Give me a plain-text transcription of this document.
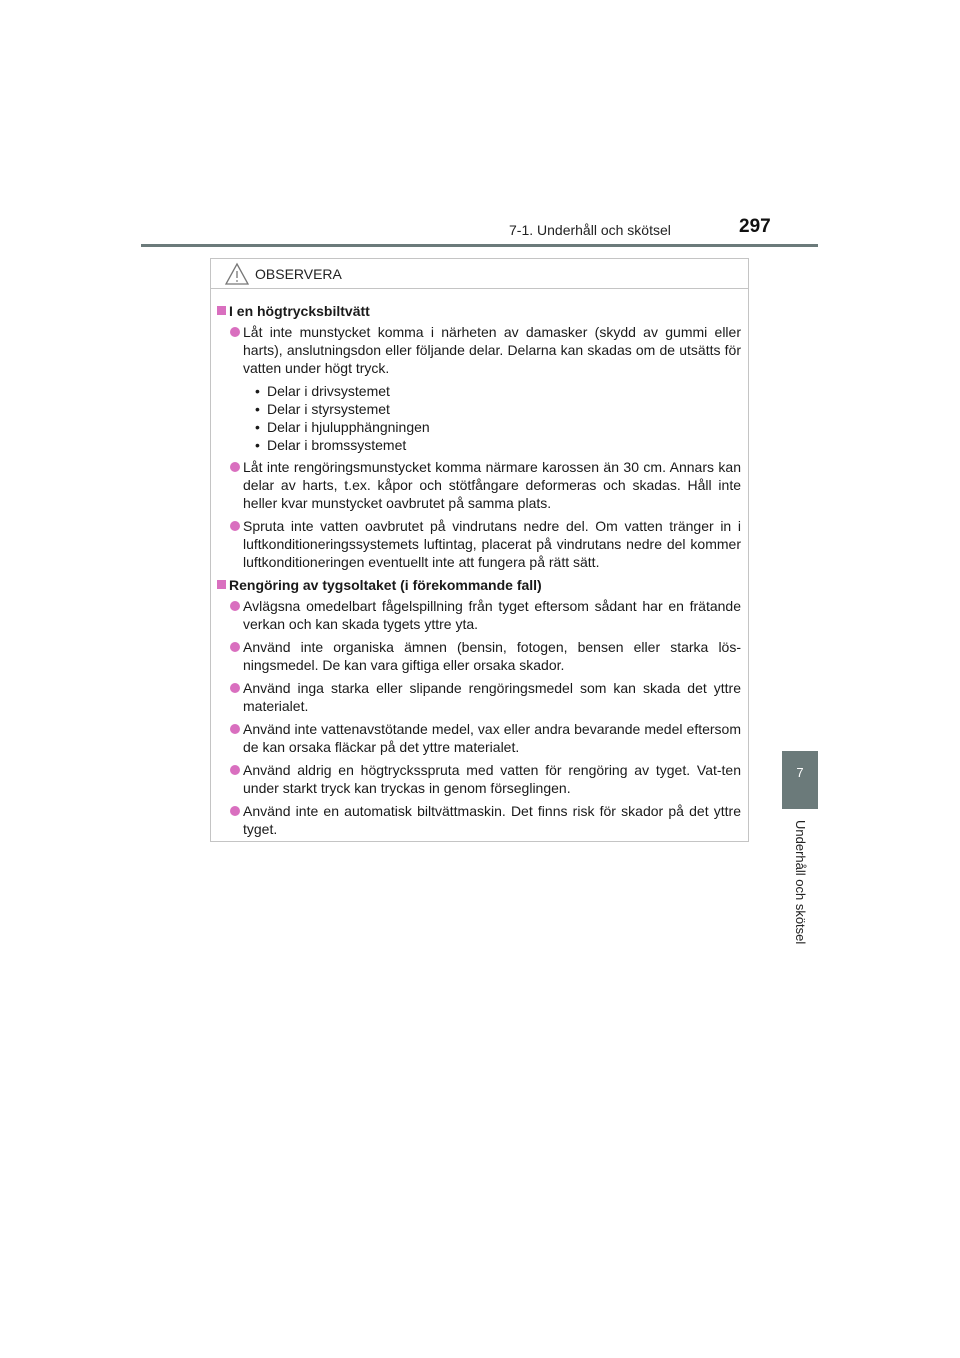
7-1. Underhåll och skötsel	297
7
Underhåll och skötsel
OBSERVERA
I en högtrycksbiltvätt
Låt inte munstycket komma i närheten av damasker (skydd av gummi eller harts), anslutningsdon eller följande delar. Delarna kan skadas om de utsätts för vatten under högt tryck.
• Delar i drivsystemet
• Delar i styrsystemet
• Delar i hjulupphängningen
• Delar i bromssystemet
Låt inte rengöringsmunstycket komma närmare karossen än 30 cm. Annars kan delar av harts, t.ex. kåpor och stötfångare deformeras och skadas. Håll inte heller kvar munstycket oavbrutet på samma plats.
Spruta inte vatten oavbrutet på vindrutans nedre del. Om vatten tränger in i luftkonditioneringssystemets luftintag, placerat på vindrutans nedre del kommer luftkonditioneringen eventuellt inte att fungera på rätt sätt.
Rengöring av tygsoltaket (i förekommande fall)
Avlägsna omedelbart fågelspillning från tyget eftersom sådant har en frätande verkan och kan skada tygets yttre yta.
Använd inte organiska ämnen (bensin, fotogen, bensen eller starka lös-ningsmedel. De kan vara giftiga eller orsaka skador.
Använd inga starka eller slipande rengöringsmedel som kan skada det yttre materialet.
Använd inte vattenavstötande medel, vax eller andra bevarande medel eftersom de kan orsaka fläckar på det yttre materialet.
Använd aldrig en högtrycksspruta med vatten för rengöring av tyget. Vat-ten under starkt tryck kan tryckas in genom förseglingen.
Använd inte en automatisk biltvättmaskin. Det finns risk för skador på det yttre tyget.
